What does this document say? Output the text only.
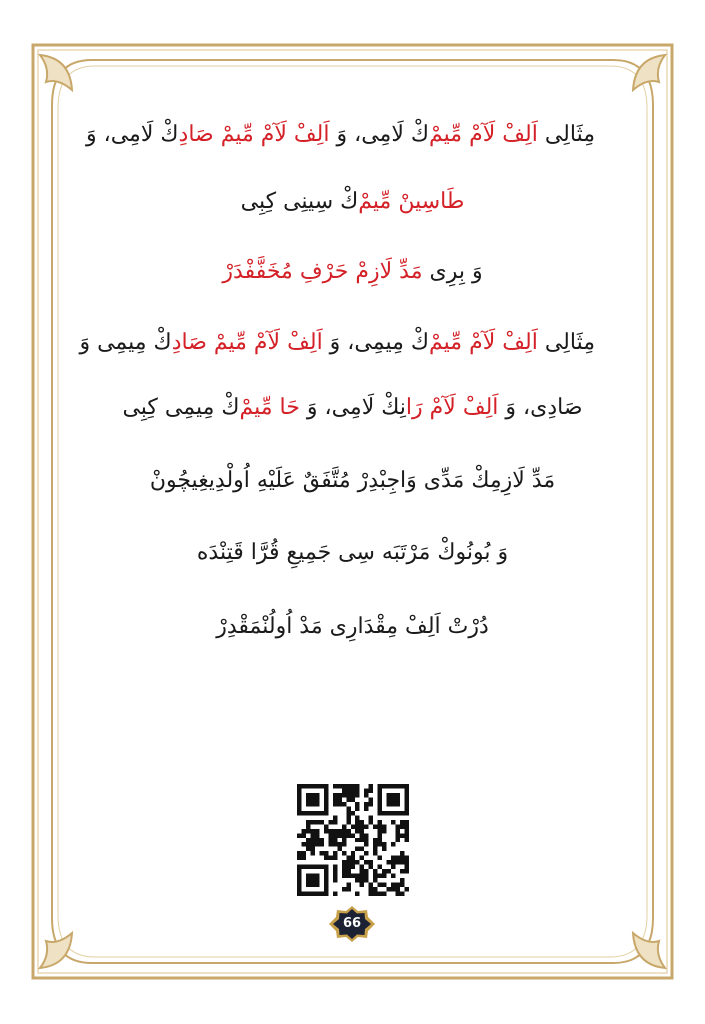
مِثَالِى اَلِفْ لَآمْ مِّيمْﻙْ لَامِى، وَ اَلِفْ لَآمْ مِّيمْ صَادِﻙْ لَامِى، وَ
طَاسِينْ مِّيمْﻙْ سِينِى كِبِى
وَ بِرِى مَدِّ لَازِمْ حَرْفِ مُخَفَّفْدَرْ
مِثَالِى اَلِفْ لَآمْ مِّيمْﻙْ مِيمِى، وَ اَلِفْ لَآمْ مِّيمْ صَادِﻙْ مِيمِى وَ
صَادِى، وَ اَلِفْ لَآمْ رَانِكْ لَامِى، وَ حَا مِّيمْﻙْ مِيمِى كِبِى
مَدِّ لَازِمِكْ مَدِّى وَاجِبْدِرْ مُتَّفَقٌ عَلَيْهِ اُولْدِيغِيچُونْ
وَ بُونُوكْ مَرْتَبَه سِى جَمِيعِ قُرَّا قَتِنْدَه
دُرْتْ اَلِفْ مِقْدَارِى مَدْ اُولُنْمَقْدِرْ
66
